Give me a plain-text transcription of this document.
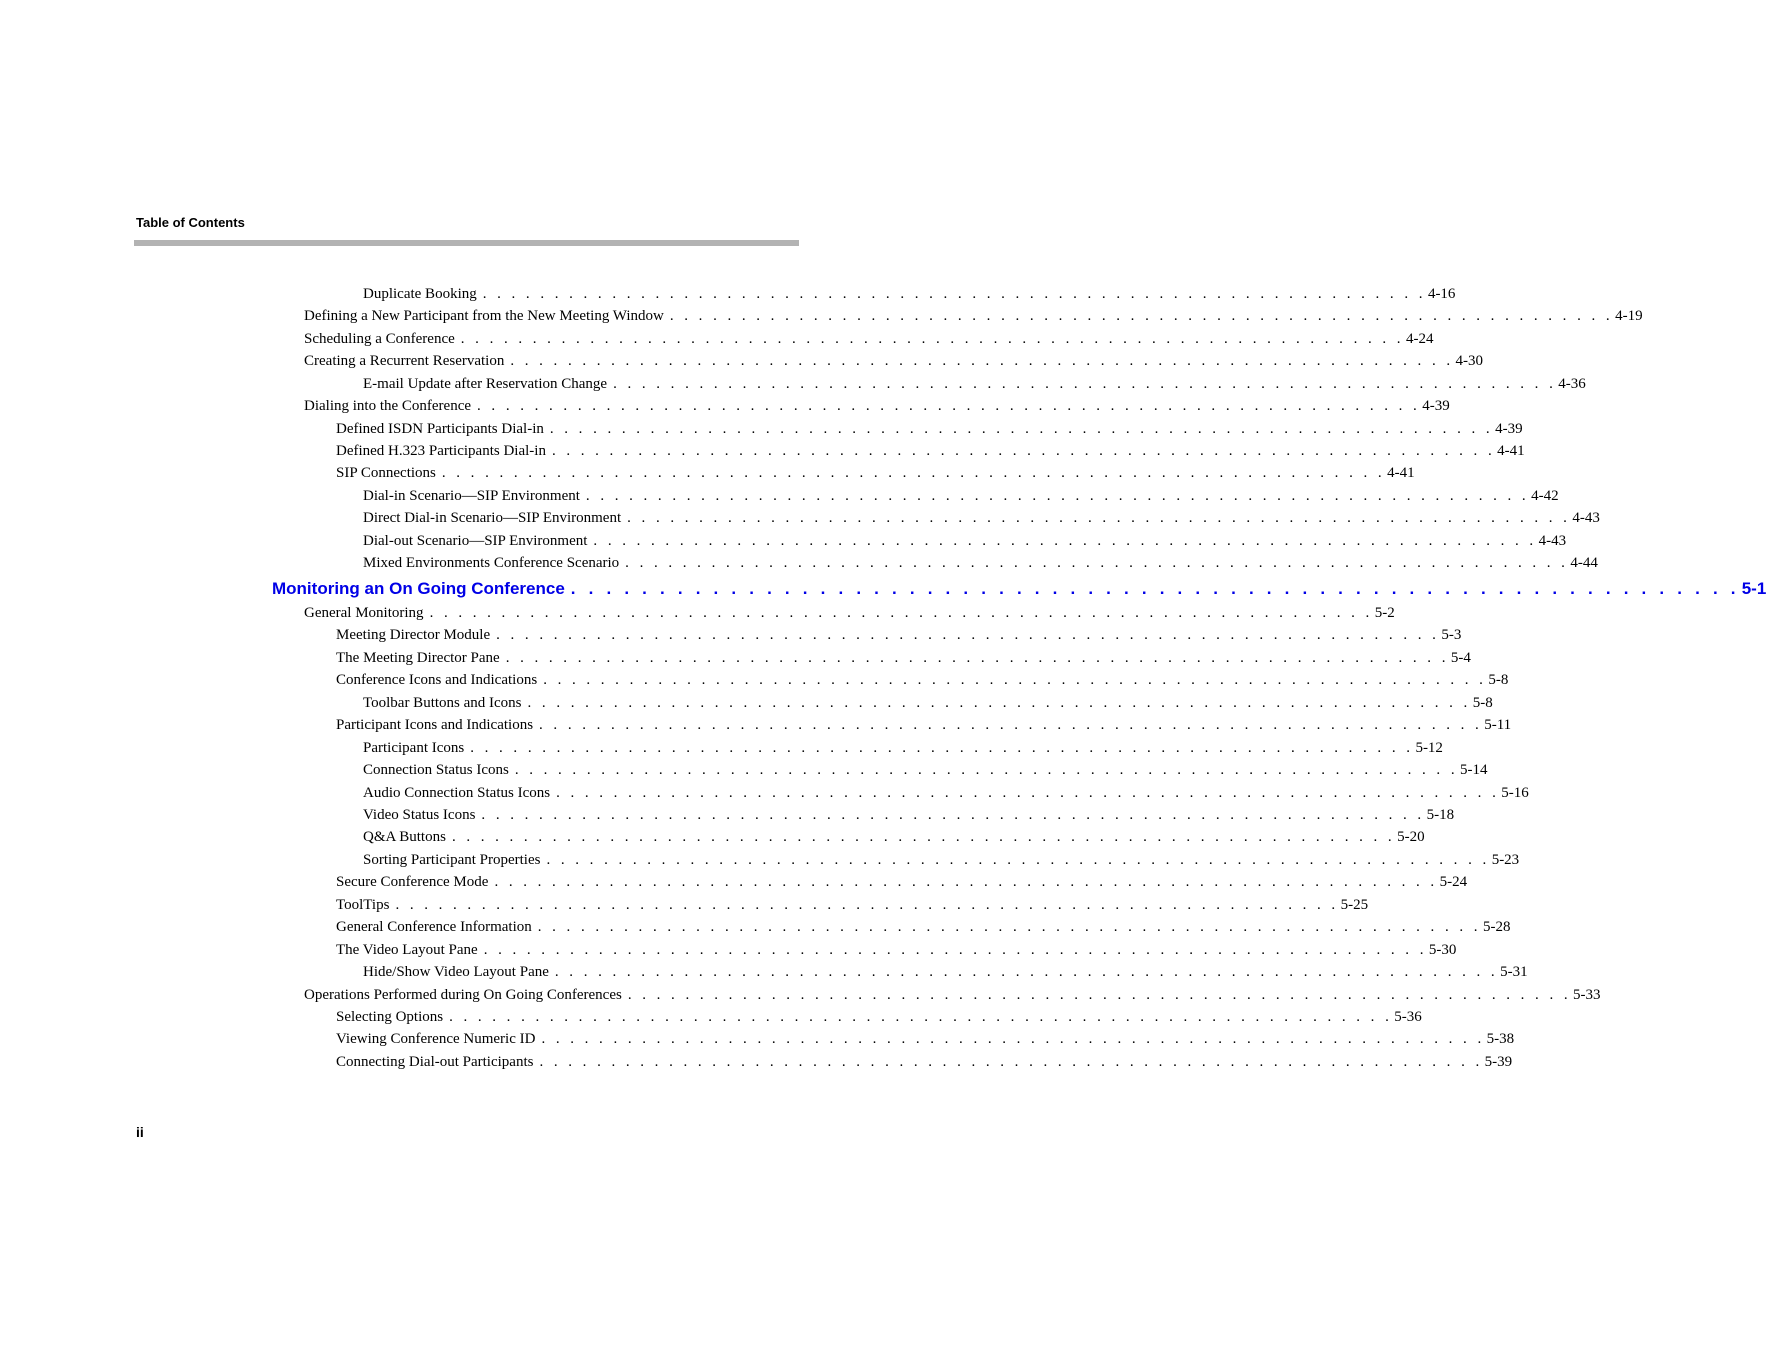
Table of Contents
Duplicate Booking . . . . . . . . . . . . . . . . . . . . . . . . . . . . . . . . . . . . . . . . . . . . . . . . . . . . . . . . . . . . . . . . . . 4-16
Defining a New Participant from the New Meeting Window . . . . . . . . . . . . . . . . . . . . . . . . . . . . . . . . . . . . . . . . . . . . . . . . . . . . . . . . . . . . . . . . . . 4-19
Scheduling a Conference . . . . . . . . . . . . . . . . . . . . . . . . . . . . . . . . . . . . . . . . . . . . . . . . . . . . . . . . . . . . . . . . . . 4-24
Creating a Recurrent Reservation . . . . . . . . . . . . . . . . . . . . . . . . . . . . . . . . . . . . . . . . . . . . . . . . . . . . . . . . . . . . . . . . . . 4-30
E-mail Update after Reservation Change . . . . . . . . . . . . . . . . . . . . . . . . . . . . . . . . . . . . . . . . . . . . . . . . . . . . . . . . . . . . . . . . . . 4-36
Dialing into the Conference . . . . . . . . . . . . . . . . . . . . . . . . . . . . . . . . . . . . . . . . . . . . . . . . . . . . . . . . . . . . . . . . . . 4-39
Defined ISDN Participants Dial-in . . . . . . . . . . . . . . . . . . . . . . . . . . . . . . . . . . . . . . . . . . . . . . . . . . . . . . . . . . . . . . . . . . 4-39
Defined H.323 Participants Dial-in . . . . . . . . . . . . . . . . . . . . . . . . . . . . . . . . . . . . . . . . . . . . . . . . . . . . . . . . . . . . . . . . . . 4-41
SIP Connections . . . . . . . . . . . . . . . . . . . . . . . . . . . . . . . . . . . . . . . . . . . . . . . . . . . . . . . . . . . . . . . . . . 4-41
Dial-in Scenario—SIP Environment . . . . . . . . . . . . . . . . . . . . . . . . . . . . . . . . . . . . . . . . . . . . . . . . . . . . . . . . . . . . . . . . . . 4-42
Direct Dial-in Scenario—SIP Environment . . . . . . . . . . . . . . . . . . . . . . . . . . . . . . . . . . . . . . . . . . . . . . . . . . . . . . . . . . . . . . . . . . 4-43
Dial-out Scenario—SIP Environment . . . . . . . . . . . . . . . . . . . . . . . . . . . . . . . . . . . . . . . . . . . . . . . . . . . . . . . . . . . . . . . . . . 4-43
Mixed Environments Conference Scenario . . . . . . . . . . . . . . . . . . . . . . . . . . . . . . . . . . . . . . . . . . . . . . . . . . . . . . . . . . . . . . . . . . 4-44
Monitoring an On Going Conference . . . . . . . . . . . . . . . . . . . . . . . . . . . . . . . . . . . . . . . . . . . . . . . . . . . . . . . . . . . . . . . . . . 5-1
General Monitoring . . . . . . . . . . . . . . . . . . . . . . . . . . . . . . . . . . . . . . . . . . . . . . . . . . . . . . . . . . . . . . . . . . 5-2
Meeting Director Module . . . . . . . . . . . . . . . . . . . . . . . . . . . . . . . . . . . . . . . . . . . . . . . . . . . . . . . . . . . . . . . . . . 5-3
The Meeting Director Pane . . . . . . . . . . . . . . . . . . . . . . . . . . . . . . . . . . . . . . . . . . . . . . . . . . . . . . . . . . . . . . . . . . 5-4
Conference Icons and Indications . . . . . . . . . . . . . . . . . . . . . . . . . . . . . . . . . . . . . . . . . . . . . . . . . . . . . . . . . . . . . . . . . . 5-8
Toolbar Buttons and Icons . . . . . . . . . . . . . . . . . . . . . . . . . . . . . . . . . . . . . . . . . . . . . . . . . . . . . . . . . . . . . . . . . . 5-8
Participant Icons and Indications . . . . . . . . . . . . . . . . . . . . . . . . . . . . . . . . . . . . . . . . . . . . . . . . . . . . . . . . . . . . . . . . . . 5-11
Participant Icons . . . . . . . . . . . . . . . . . . . . . . . . . . . . . . . . . . . . . . . . . . . . . . . . . . . . . . . . . . . . . . . . . . 5-12
Connection Status Icons . . . . . . . . . . . . . . . . . . . . . . . . . . . . . . . . . . . . . . . . . . . . . . . . . . . . . . . . . . . . . . . . . . 5-14
Audio Connection Status Icons . . . . . . . . . . . . . . . . . . . . . . . . . . . . . . . . . . . . . . . . . . . . . . . . . . . . . . . . . . . . . . . . . . 5-16
Video Status Icons . . . . . . . . . . . . . . . . . . . . . . . . . . . . . . . . . . . . . . . . . . . . . . . . . . . . . . . . . . . . . . . . . . 5-18
Q&A Buttons . . . . . . . . . . . . . . . . . . . . . . . . . . . . . . . . . . . . . . . . . . . . . . . . . . . . . . . . . . . . . . . . . . 5-20
Sorting Participant Properties . . . . . . . . . . . . . . . . . . . . . . . . . . . . . . . . . . . . . . . . . . . . . . . . . . . . . . . . . . . . . . . . . . 5-23
Secure Conference Mode . . . . . . . . . . . . . . . . . . . . . . . . . . . . . . . . . . . . . . . . . . . . . . . . . . . . . . . . . . . . . . . . . . 5-24
ToolTips . . . . . . . . . . . . . . . . . . . . . . . . . . . . . . . . . . . . . . . . . . . . . . . . . . . . . . . . . . . . . . . . . . 5-25
General Conference Information . . . . . . . . . . . . . . . . . . . . . . . . . . . . . . . . . . . . . . . . . . . . . . . . . . . . . . . . . . . . . . . . . . 5-28
The Video Layout Pane . . . . . . . . . . . . . . . . . . . . . . . . . . . . . . . . . . . . . . . . . . . . . . . . . . . . . . . . . . . . . . . . . . 5-30
Hide/Show Video Layout Pane . . . . . . . . . . . . . . . . . . . . . . . . . . . . . . . . . . . . . . . . . . . . . . . . . . . . . . . . . . . . . . . . . . 5-31
Operations Performed during On Going Conferences . . . . . . . . . . . . . . . . . . . . . . . . . . . . . . . . . . . . . . . . . . . . . . . . . . . . . . . . . . . . . . . . . . 5-33
Selecting Options . . . . . . . . . . . . . . . . . . . . . . . . . . . . . . . . . . . . . . . . . . . . . . . . . . . . . . . . . . . . . . . . . . 5-36
Viewing Conference Numeric ID . . . . . . . . . . . . . . . . . . . . . . . . . . . . . . . . . . . . . . . . . . . . . . . . . . . . . . . . . . . . . . . . . . 5-38
Connecting Dial-out Participants . . . . . . . . . . . . . . . . . . . . . . . . . . . . . . . . . . . . . . . . . . . . . . . . . . . . . . . . . . . . . . . . . . 5-39
ii
